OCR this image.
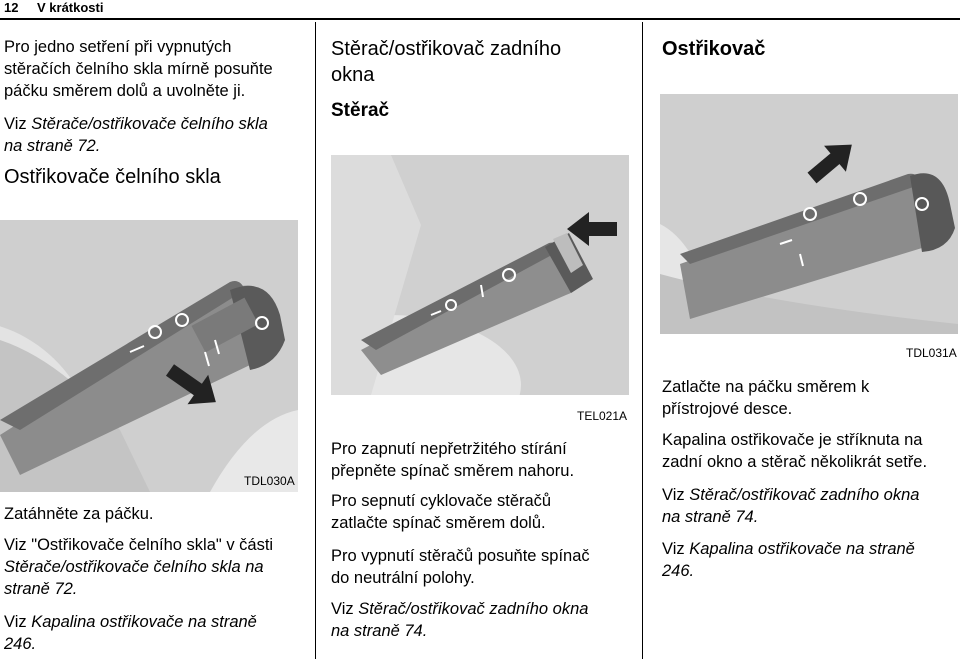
12 V krátkosti
Pro jedno setření při vypnutých
stěračích čelního skla mírně posuňte
páčku směrem dolů a uvolněte ji.
Viz Stěrače/ostřikovače čelního skla
na straně 72.
Ostřikovače čelního skla
TDL030A
Zatáhněte za páčku.
Viz "Ostřikovače čelního skla" v části
Stěrače/ostřikovače čelního skla na
straně 72.
Viz Kapalina ostřikovače na straně
246.
Stěrač/ostřikovač zadního
okna
Stěrač
TEL021A
Pro zapnutí nepřetržitého stírání
přepněte spínač směrem nahoru.
Pro sepnutí cyklovače stěračů
zatlačte spínač směrem dolů.
Pro vypnutí stěračů posuňte spínač
do neutrální polohy.
Viz Stěrač/ostřikovač zadního okna
na straně 74.
Ostřikovač
TDL031A
Zatlačte na páčku směrem k
přístrojové desce.
Kapalina ostřikovače je stříknuta na
zadní okno a stěrač několikrát setře.
Viz Stěrač/ostřikovač zadního okna
na straně 74.
Viz Kapalina ostřikovače na straně
246.
